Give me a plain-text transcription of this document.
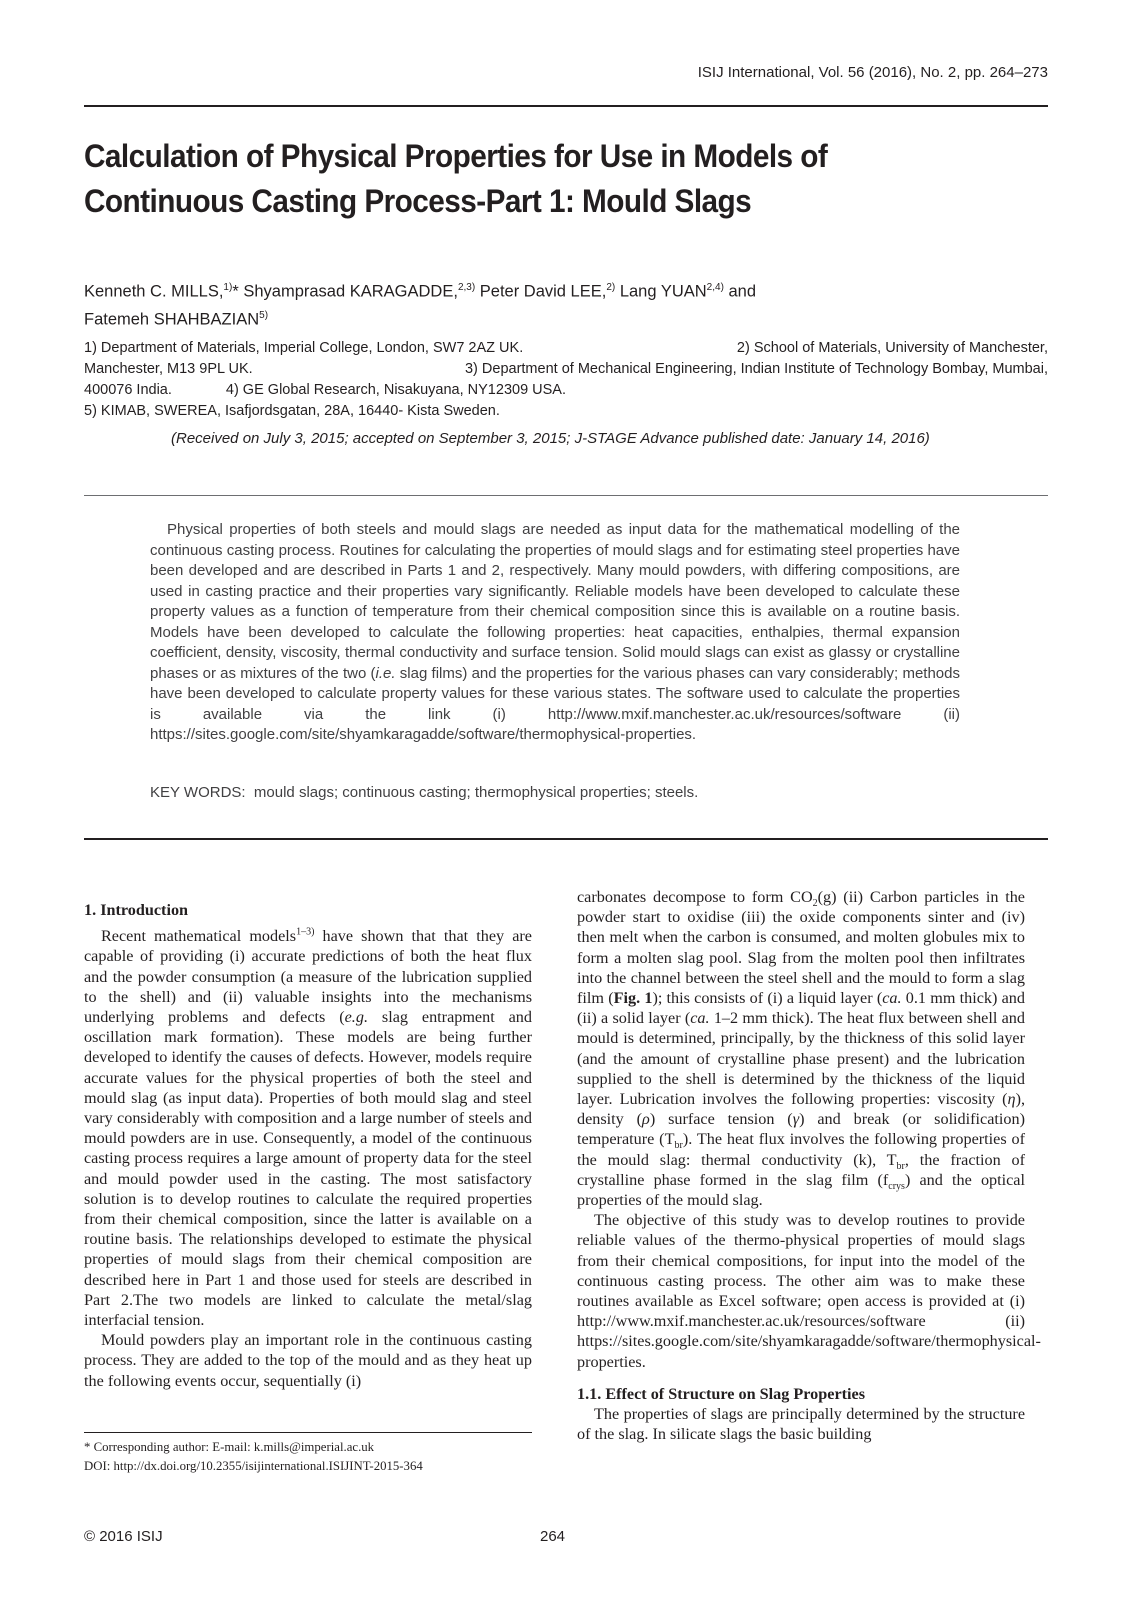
ISIJ International, Vol. 56 (2016), No. 2, pp. 264–273
Calculation of Physical Properties for Use in Models of
Continuous Casting Process-Part 1: Mould Slags
Kenneth C. MILLS,$^{1)}$* Shyamprasad KARAGADDE,$^{2,3)}$ Peter David LEE,$^{2)}$ Lang YUAN$^{2,4)}$ and
Fatemeh SHAHBAZIAN$^{5)}$
1) Department of Materials, Imperial College, London, SW7 2AZ UK.	2) School of Materials, University of Manchester,
Manchester, M13 9PL UK.	3) Department of Mechanical Engineering, Indian Institute of Technology Bombay, Mumbai,
400076 India.	4) GE Global Research, Nisakuyana, NY12309 USA.
5) KIMAB, SWEREA, Isafjordsgatan, 28A, 16440- Kista Sweden.
(Received on July 3, 2015; accepted on September 3, 2015; J-STAGE Advance published date: January 14, 2016)
Physical properties of both steels and mould slags are needed as input data for the mathematical modelling of the continuous casting process. Routines for calculating the properties of mould slags and for estimating steel properties have been developed and are described in Parts 1 and 2, respectively. Many mould powders, with differing compositions, are used in casting practice and their properties vary significantly. Reliable models have been developed to calculate these property values as a function of temperature from their chemical composition since this is available on a routine basis. Models have been developed to calculate the following properties: heat capacities, enthalpies, thermal expansion coefficient, density, viscosity, thermal conductivity and surface tension. Solid mould slags can exist as glassy or crystalline phases or as mixtures of the two (i.e. slag films) and the properties for the various phases can vary considerably; methods have been developed to calculate property values for these various states. The software used to calculate the properties is available via the link (i) http://www.mxif.manchester.ac.uk/resources/software (ii) https://sites.google.com/site/shyamkaragadde/software/thermophysical-properties.
KEY WORDS: mould slags; continuous casting; thermophysical properties; steels.

1. Introduction

Recent mathematical models$^{1-3)}$ have shown that that they are capable of providing (i) accurate predictions of both the heat flux and the powder consumption (a measure of the lubrication supplied to the shell) and (ii) valuable insights into the mechanisms underlying problems and defects (e.g. slag entrapment and oscillation mark formation). These models are being further developed to identify the causes of defects. However, models require accurate values for the physical properties of both the steel and mould slag (as input data). Properties of both mould slag and steel vary considerably with composition and a large number of steels and mould powders are in use. Consequently, a model of the continuous casting process requires a large amount of property data for the steel and mould powder used in the casting. The most satisfactory solution is to develop routines to calculate the required properties from their chemical composition, since the latter is available on a routine basis. The relationships developed to estimate the physical properties of mould slags from their chemical composition are described here in Part 1 and those used for steels are described in Part 2.The two models are linked to calculate the metal/slag interfacial tension.

Mould powders play an important role in the continuous casting process. They are added to the top of the mould and as they heat up the following events occur, sequentially (i)

carbonates decompose to form $CO_2(g)$ (ii) Carbon particles in the powder start to oxidise (iii) the oxide components sinter and (iv) then melt when the carbon is consumed, and molten globules mix to form a molten slag pool. Slag from the molten pool then infiltrates into the channel between the steel shell and the mould to form a slag film (Fig. 1); this consists of (i) a liquid layer (ca. 0.1 mm thick) and (ii) a solid layer (ca. 1–2 mm thick). The heat flux between shell and mould is determined, principally, by the thickness of this solid layer (and the amount of crystalline phase present) and the lubrication supplied to the shell is determined by the thickness of the liquid layer. Lubrication involves the following properties: viscosity (η), density (ρ) surface tension (γ) and break (or solidification) temperature $(T_{br})$. The heat flux involves the following properties of the mould slag: thermal conductivity (k), $T_{br}$, the fraction of crystalline phase formed in the slag film $(f_{crys})$ and the optical properties of the mould slag.

The objective of this study was to develop routines to provide reliable values of the thermo-physical properties of mould slags from their chemical compositions, for input into the model of the continuous casting process. The other aim was to make these routines available as Excel software; open access is provided at (i) http://www.mxif.manchester.ac.uk/resources/software (ii) https://sites.google.com/site/shyamkaragadde/software/thermophysical-properties.

1.1. Effect of Structure on Slag Properties

The properties of slags are principally determined by the structure of the slag. In silicate slags the basic building

* Corresponding author: E-mail: k.mills@imperial.ac.uk
DOI: http://dx.doi.org/10.2355/isijinternational.ISIJINT-2015-364
© 2016 ISIJ	264
